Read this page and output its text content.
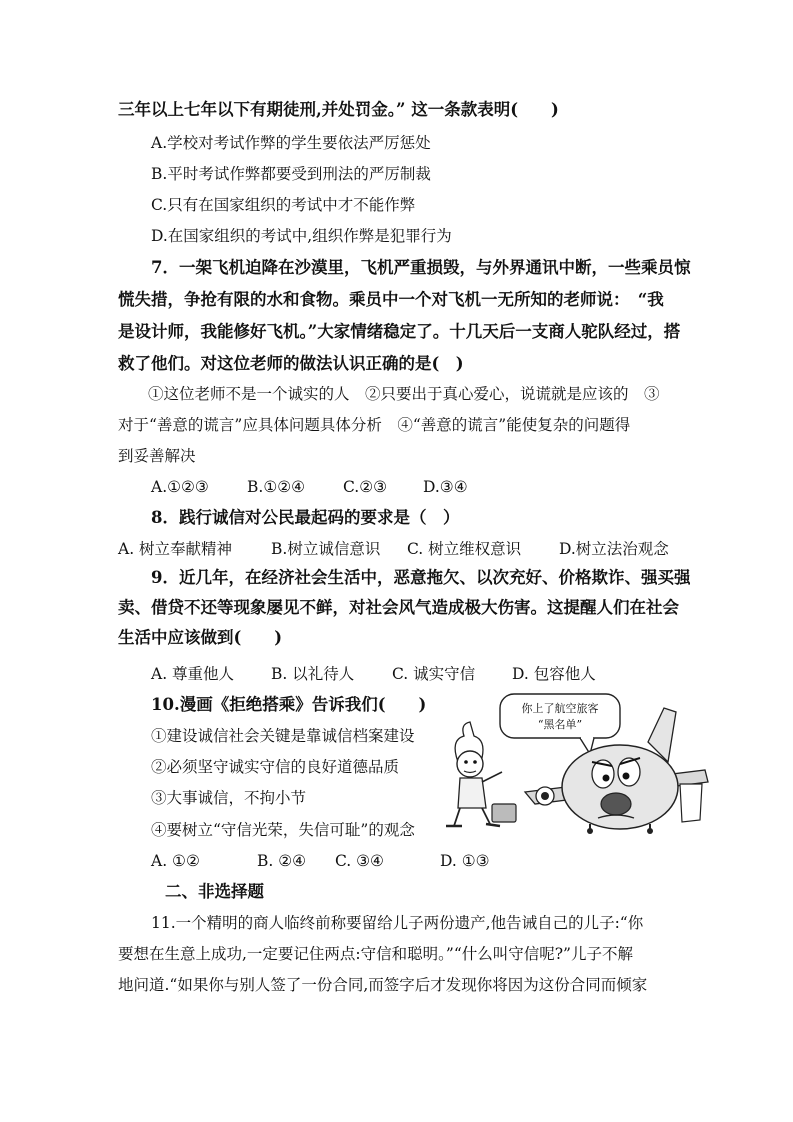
三年以上七年以下有期徒刑,并处罚金。” 这一条款表明(　　)
A.学校对考试作弊的学生要依法严厉惩处
B.平时考试作弊都要受到刑法的严厉制裁
C.只有在国家组织的考试中才不能作弊
D.在国家组织的考试中,组织作弊是犯罪行为
7．一架飞机迫降在沙漠里，飞机严重损毁，与外界通讯中断，一些乘员惊
慌失措，争抢有限的水和食物。乘员中一个对飞机一无所知的老师说：　“我
是设计师，我能修好飞机。”大家情绪稳定了。十几天后一支商人驼队经过，搭
救了他们。对这位老师的做法认识正确的是(　)
①这位老师不是一个诚实的人　②只要出于真心爱心，说谎就是应该的　③
对于“善意的谎言”应具体问题具体分析　④“善意的谎言”能使复杂的问题得
到妥善解决
A.①②③ B.①②④ C.②③ D.③④
8．践行诚信对公民最起码的要求是（　）
A. 树立奉献精神	B.树立诚信意识 C. 树立维权意识 D.树立法治观念
9．近几年，在经济社会生活中，恶意拖欠、以次充好、价格欺诈、强买强
卖、借贷不还等现象屡见不鲜，对社会风气造成极大伤害。这提醒人们在社会
生活中应该做到(　　)
A. 尊重他人 B. 以礼待人 C. 诚实守信 D. 包容他人
10.漫画《拒绝搭乘》告诉我们(　　)
①建设诚信社会关键是靠诚信档案建设
②必须坚守诚实守信的良好道德品质
③大事诚信，不拘小节
④要树立“守信光荣，失信可耻”的观念
A. ①②	B. ②④ C. ③④	D. ①③
你上了航空旅客
“黑名单”
二、非选择题
11.一个精明的商人临终前称要留给儿子两份遗产,他告诫自己的儿子:“你
要想在生意上成功,一定要记住两点:守信和聪明。”“什么叫守信呢?”儿子不解
地问道.“如果你与别人签了一份合同,而签字后才发现你将因为这份合同而倾家
